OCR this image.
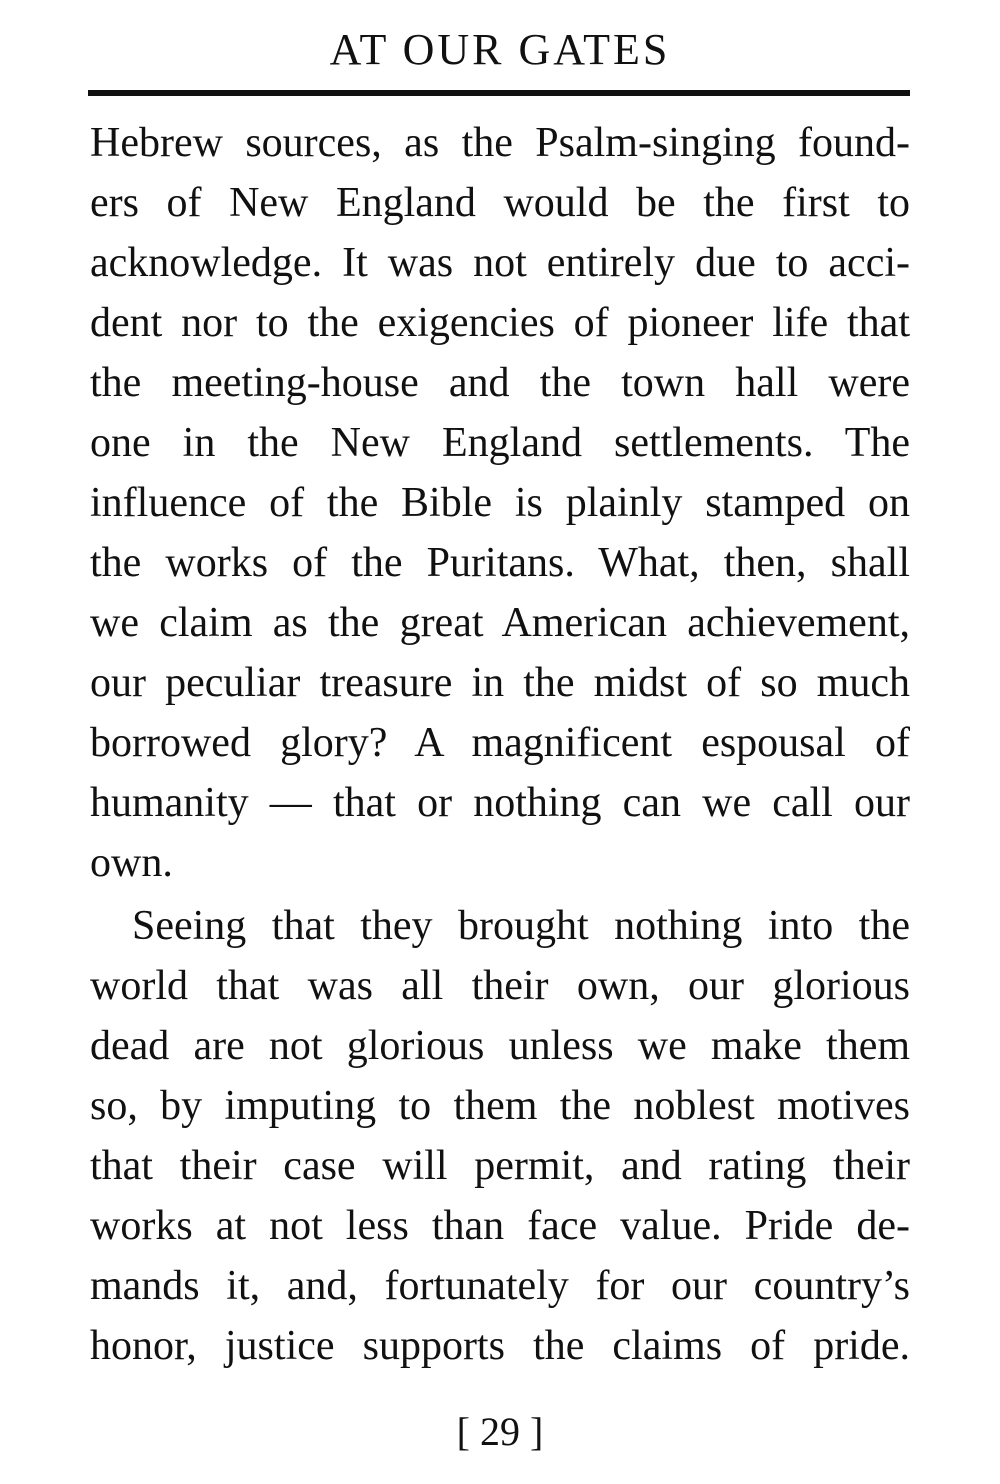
AT OUR GATES
Hebrew sources, as the Psalm-singing found-
ers of New England would be the first to
acknowledge. It was not entirely due to acci-
dent nor to the exigencies of pioneer life that
the meeting-house and the town hall were
one in the New England settlements. The
influence of the Bible is plainly stamped on
the works of the Puritans. What, then, shall
we claim as the great American achievement,
our peculiar treasure in the midst of so much
borrowed glory? A magnificent espousal of
humanity — that or nothing can we call our
own.
Seeing that they brought nothing into the
world that was all their own, our glorious
dead are not glorious unless we make them
so, by imputing to them the noblest motives
that their case will permit, and rating their
works at not less than face value. Pride de-
mands it, and, fortunately for our country’s
honor, justice supports the claims of pride.
[ 29 ]
